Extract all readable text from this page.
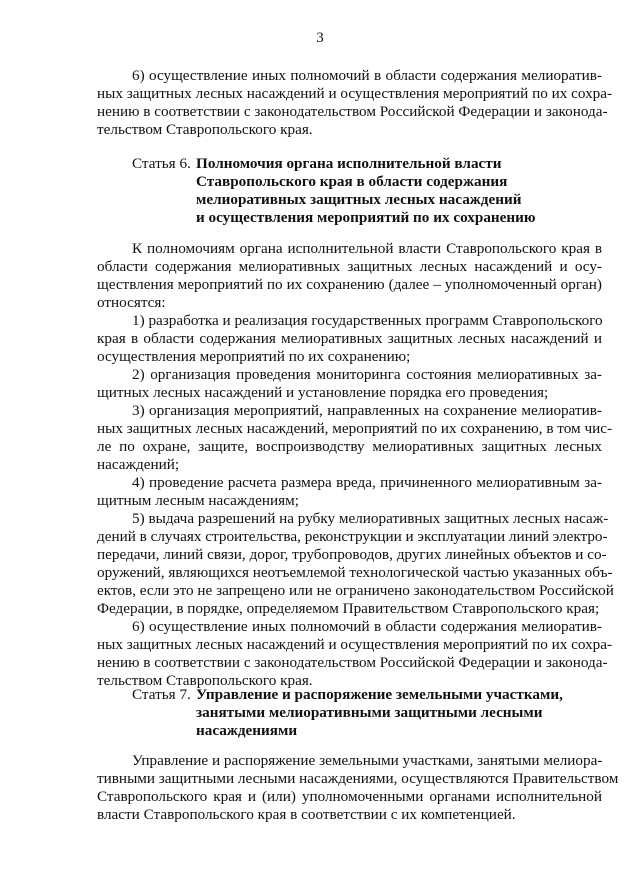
3
6) осуществление иных полномочий в области содержания мелиоратив-
ных защитных лесных насаждений и осуществления мероприятий по их сохра-
нению в соответствии с законодательством Российской Федерации и законода-
тельством Ставропольского края.
Статья 6. Полномочия органа исполнительной власти
Ставропольского края в области содержания
мелиоративных защитных лесных насаждений
и осуществления мероприятий по их сохранению
К полномочиям органа исполнительной власти Ставропольского края в
области содержания мелиоративных защитных лесных насаждений и осу-
ществления мероприятий по их сохранению (далее – уполномоченный орган)
относятся:
1) разработка и реализация государственных программ Ставропольского
края в области содержания мелиоративных защитных лесных насаждений и
осуществления мероприятий по их сохранению;
2) организация проведения мониторинга состояния мелиоративных за-
щитных лесных насаждений и установление порядка его проведения;
3) организация мероприятий, направленных на сохранение мелиоратив-
ных защитных лесных насаждений, мероприятий по их сохранению, в том чис-
ле по охране, защите, воспроизводству мелиоративных защитных лесных
насаждений;
4) проведение расчета размера вреда, причиненного мелиоративным за-
щитным лесным насаждениям;
5) выдача разрешений на рубку мелиоративных защитных лесных насаж-
дений в случаях строительства, реконструкции и эксплуатации линий электро-
передачи, линий связи, дорог, трубопроводов, других линейных объектов и со-
оружений, являющихся неотъемлемой технологической частью указанных объ-
ектов, если это не запрещено или не ограничено законодательством Российской
Федерации, в порядке, определяемом Правительством Ставропольского края;
6) осуществление иных полномочий в области содержания мелиоратив-
ных защитных лесных насаждений и осуществления мероприятий по их сохра-
нению в соответствии с законодательством Российской Федерации и законода-
тельством Ставропольского края.
Статья 7. Управление и распоряжение земельными участками,
занятыми мелиоративными защитными лесными
насаждениями
Управление и распоряжение земельными участками, занятыми мелиора-
тивными защитными лесными насаждениями, осуществляются Правительством
Ставропольского края и (или) уполномоченными органами исполнительной
власти Ставропольского края в соответствии с их компетенцией.
